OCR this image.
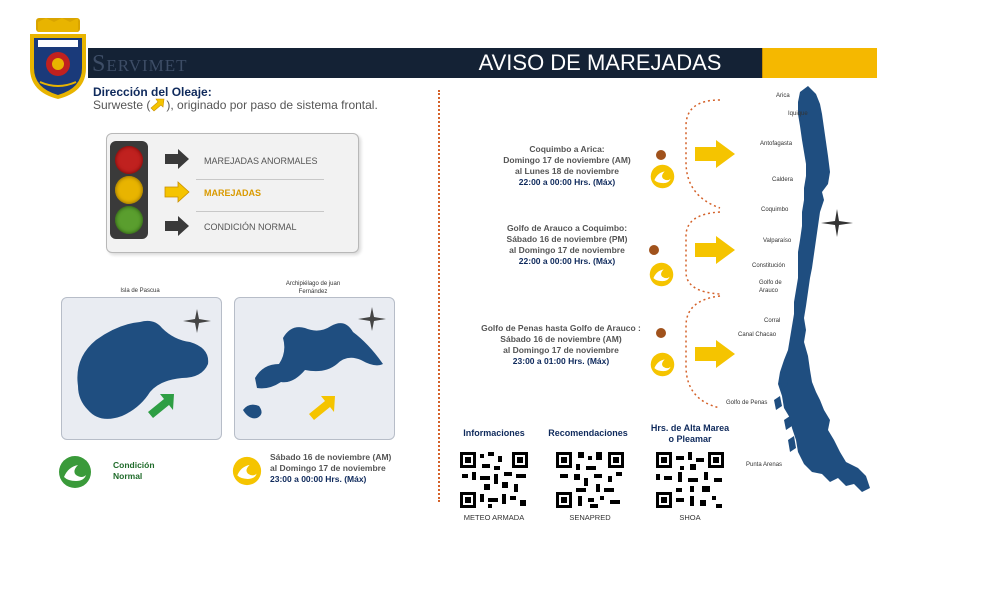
Servimet	AVISO DE MAREJADAS
Dirección del Oleaje:
Surweste ( ), originado por paso de sistema frontal.
MAREJADAS ANORMALES
MAREJADAS
CONDICIÓN NORMAL
Isla de Pascua
Archipiélago de juan
Fernández
Condición
Normal
Sábado 16 de noviembre (AM)
al Domingo 17 de noviembre
23:00 a 00:00 Hrs. (Máx)
Coquimbo a Arica:
Domingo 17 de noviembre (AM)
al Lunes 18 de noviembre
22:00 a 00:00 Hrs. (Máx)
Golfo de Arauco a Coquimbo:
Sábado 16 de noviembre (PM)
al Domingo 17 de noviembre
22:00 a 00:00 Hrs. (Máx)
Golfo de Penas hasta Golfo de Arauco :
Sábado 16 de noviembre (AM)
al Domingo 17 de noviembre
23:00 a 01:00 Hrs. (Máx)
Informaciones	Recomendaciones	Hrs. de Alta Marea
o Pleamar
METEO ARMADA	SENAPRED	SHOA
Arica
Iquique
Antofagasta
Caldera
Coquimbo
Valparaíso
Constitución
Golfo de
Arauco
Corral
Canal Chacao
Golfo de Penas
Punta Arenas
